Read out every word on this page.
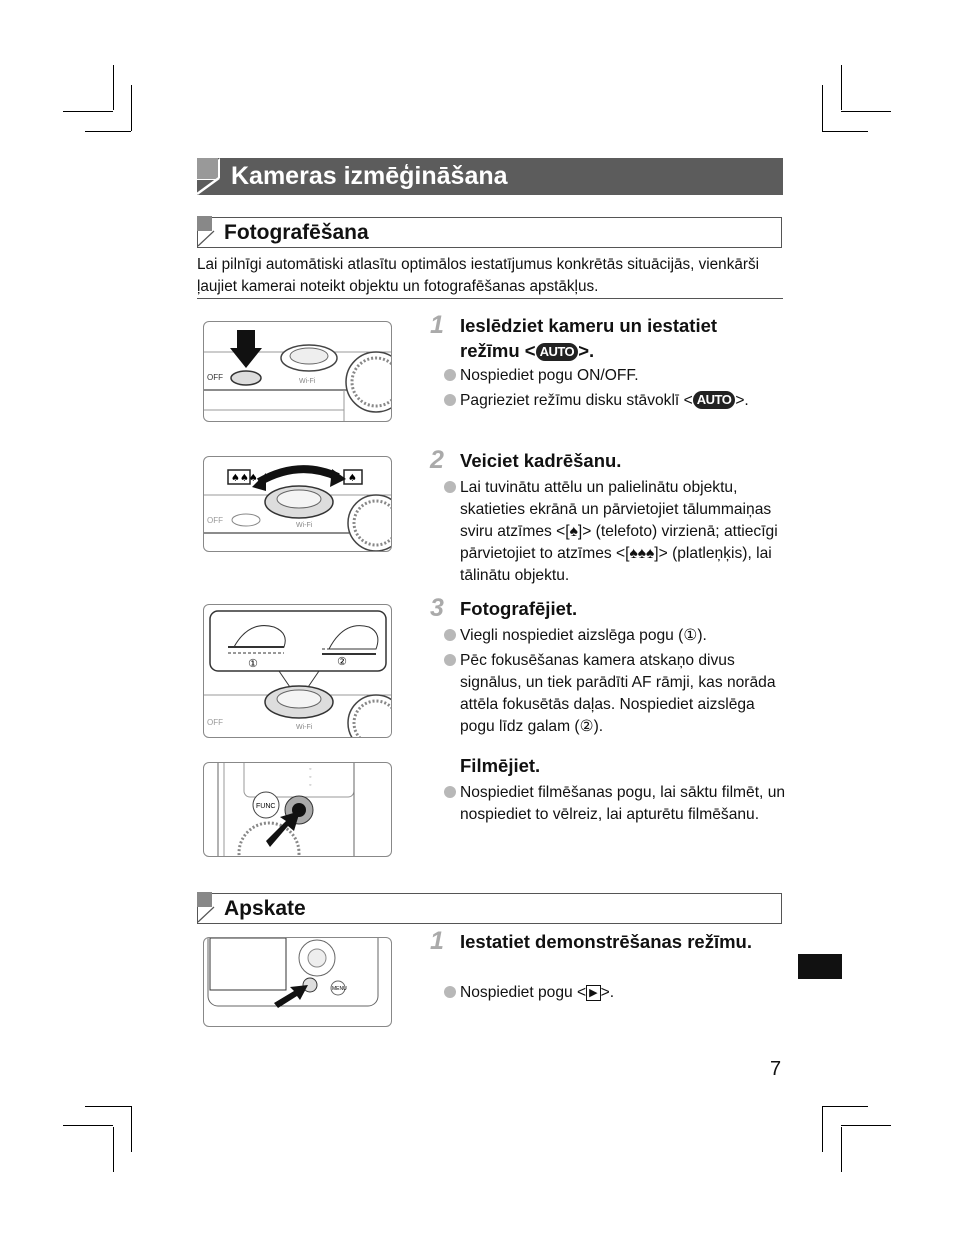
Kameras izmēģināšana
Fotografēšana
Lai pilnīgi automātiski atlasītu optimālos iestatījumus konkrētās situācijās, vienkārši ļaujiet kamerai noteikt objektu un fotografēšanas apstākļus.
OFF	Wi-Fi
1 Ieslēdziet kameru un iestatiet režīmu < AUTO >.
Nospiediet pogu ON/OFF.
Pagrieziet režīmu disku stāvoklī < AUTO >.
♠♠♠	♠
OFF
Wi-Fi
2 Veiciet kadrēšanu.
Lai tuvinātu attēlu un palielinātu objektu, skatieties ekrānā un pārvietojiet tālummaiņas sviru atzīmes <[♠]> (telefoto) virzienā; attiecīgi pārvietojiet to atzīmes <[♠♠♠]> (platleņķis), lai tālinātu objektu.
①	②
OFF
Wi-Fi
3 Fotografējiet.
Viegli nospiediet aizslēga pogu (①).
Pēc fokusēšanas kamera atskaņo divus signālus, un tiek parādīti AF rāmji, kas norāda attēla fokusētās daļas. Nospiediet aizslēga pogu līdz galam (②).
◦
◦
◦
FUNC
Filmējiet.
Nospiediet filmēšanas pogu, lai sāktu filmēt, un nospiediet to vēlreiz, lai apturētu filmēšanu.
Apskate
MENU
1 Iestatiet demonstrēšanas režīmu.
Nospiediet pogu < ▶ >.
7
